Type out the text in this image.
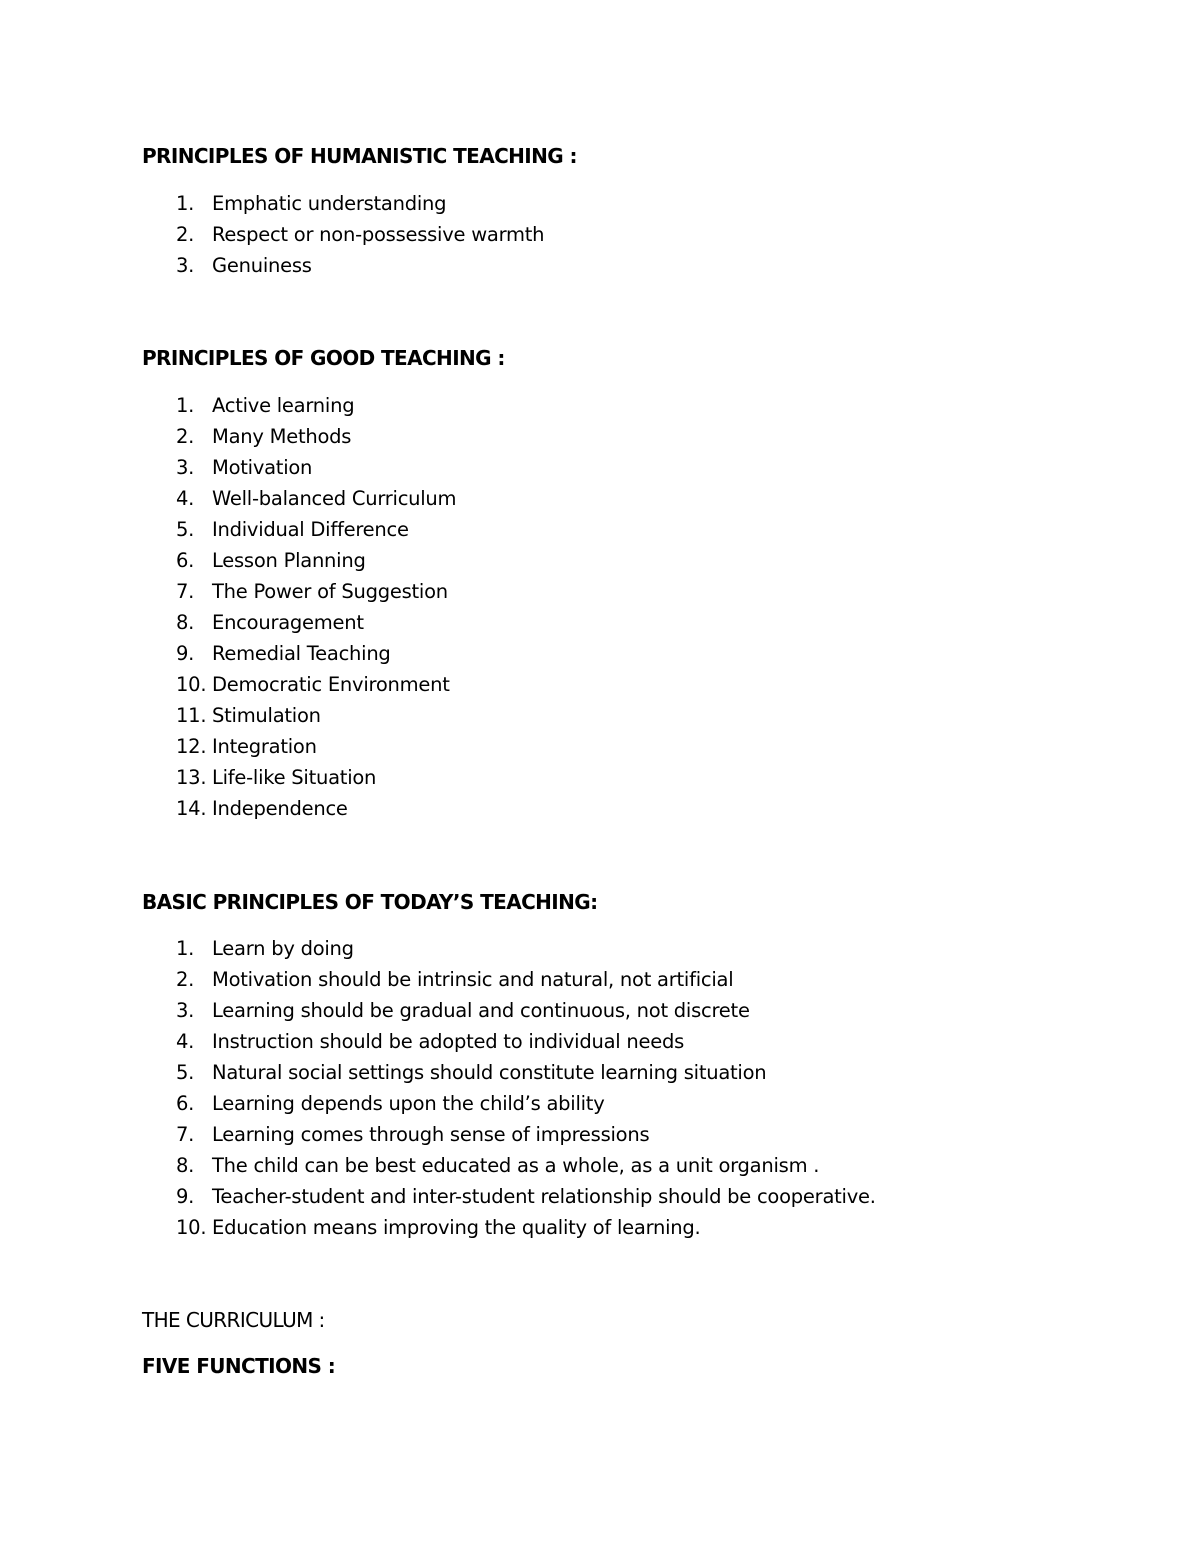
PRINCIPLES OF HUMANISTIC TEACHING :
1. Emphatic understanding
2. Respect or non-possessive warmth
3. Genuiness
PRINCIPLES OF GOOD TEACHING :
1. Active learning
2. Many Methods
3. Motivation
4. Well-balanced Curriculum
5. Individual Difference
6. Lesson Planning
7. The Power of Suggestion
8. Encouragement
9. Remedial Teaching
10. Democratic Environment
11. Stimulation
12. Integration
13. Life-like Situation
14. Independence
BASIC PRINCIPLES OF TODAY’S TEACHING:
1. Learn by doing
2. Motivation should be intrinsic and natural, not artificial
3. Learning should be gradual and continuous, not discrete
4. Instruction should be adopted to individual needs
5. Natural social settings should constitute learning situation
6. Learning depends upon the child’s ability
7. Learning comes through sense of impressions
8. The child can be best educated as a whole, as a unit organism .
9. Teacher-student and inter-student relationship should be cooperative.
10. Education means improving the quality of learning.
THE CURRICULUM :
FIVE FUNCTIONS :
